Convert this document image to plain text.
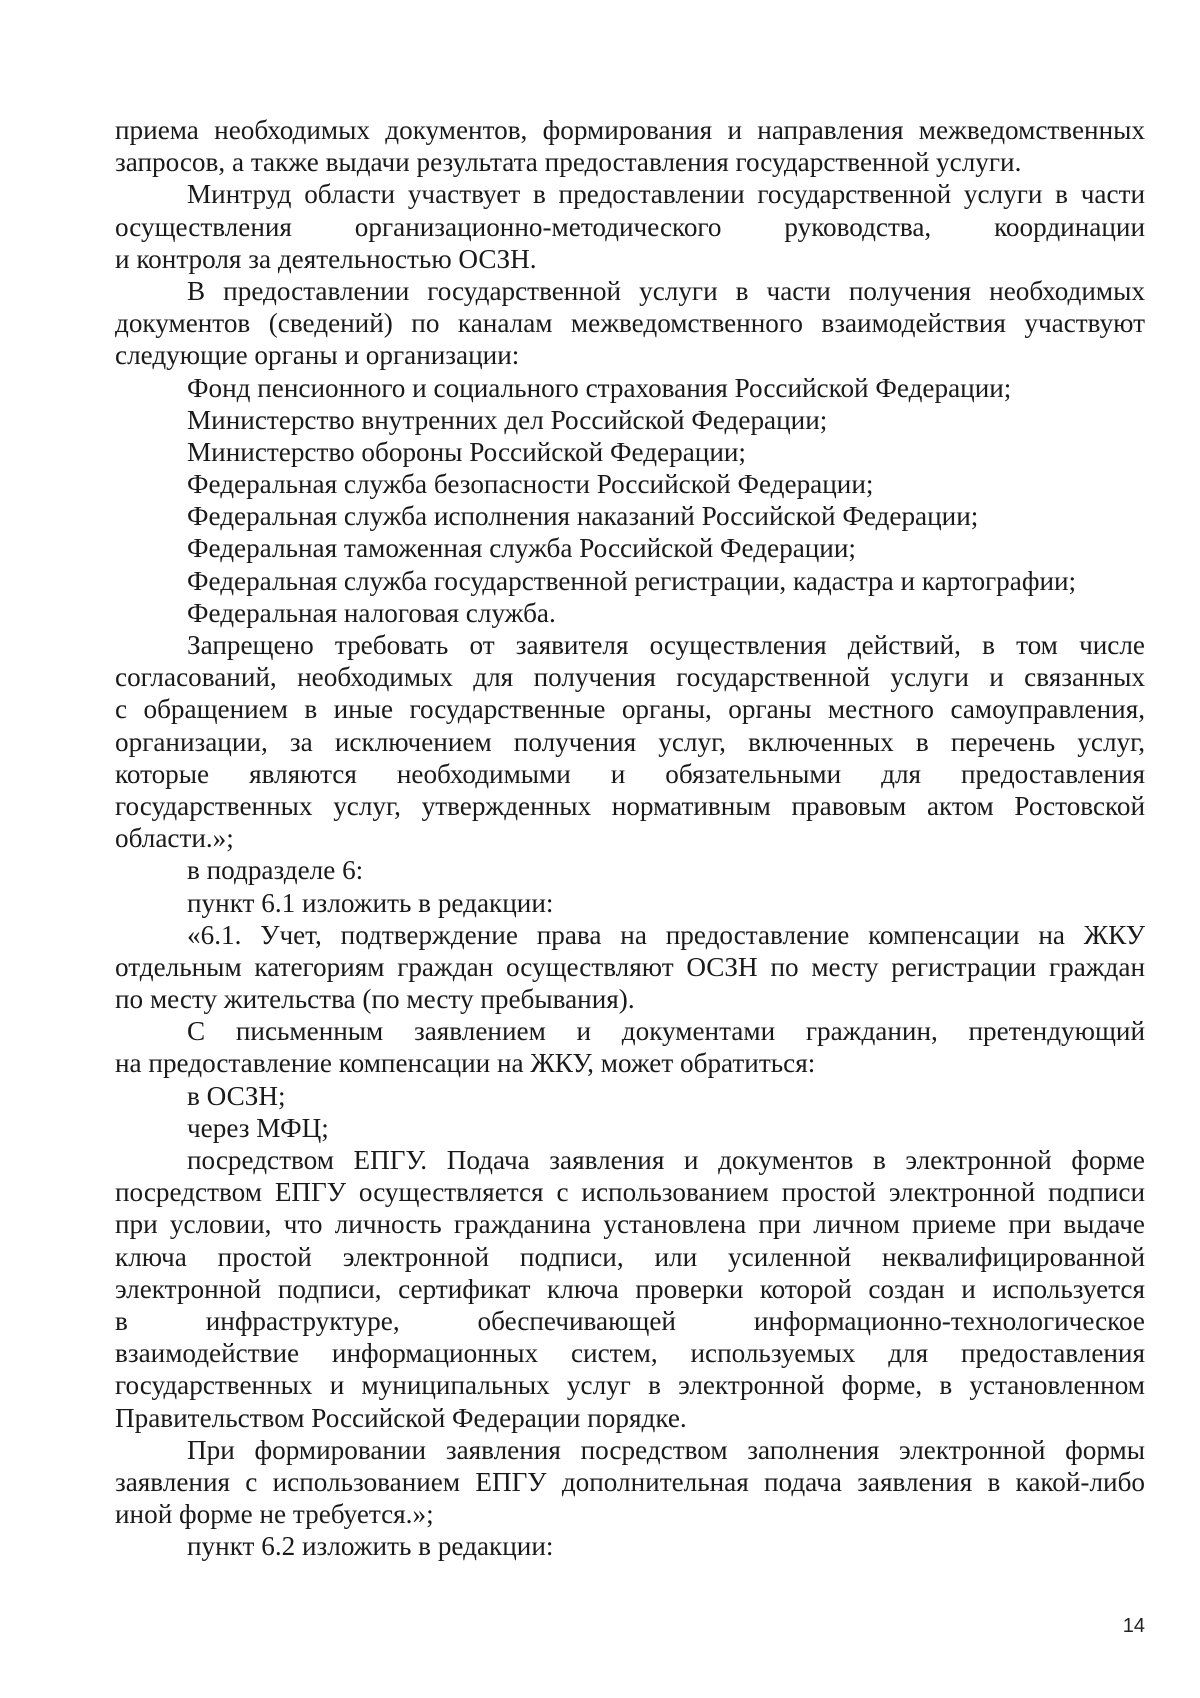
приема необходимых документов, формирования и направления межведомственных
запросов, а также выдачи результата предоставления государственной услуги.
Минтруд области участвует в предоставлении государственной услуги в части
осуществления организационно-методического руководства, координации
и контроля за деятельностью ОСЗН.
В предоставлении государственной услуги в части получения необходимых
документов (сведений) по каналам межведомственного взаимодействия участвуют
следующие органы и организации:
Фонд пенсионного и социального страхования Российской Федерации;
Министерство внутренних дел Российской Федерации;
Министерство обороны Российской Федерации;
Федеральная служба безопасности Российской Федерации;
Федеральная служба исполнения наказаний Российской Федерации;
Федеральная таможенная служба Российской Федерации;
Федеральная служба государственной регистрации, кадастра и картографии;
Федеральная налоговая служба.
Запрещено требовать от заявителя осуществления действий, в том числе
согласований, необходимых для получения государственной услуги и связанных
с обращением в иные государственные органы, органы местного самоуправления,
организации, за исключением получения услуг, включенных в перечень услуг,
которые являются необходимыми и обязательными для предоставления
государственных услуг, утвержденных нормативным правовым актом Ростовской
области.»;
в подразделе 6:
пункт 6.1 изложить в редакции:
«6.1. Учет, подтверждение права на предоставление компенсации на ЖКУ
отдельным категориям граждан осуществляют ОСЗН по месту регистрации граждан
по месту жительства (по месту пребывания).
С письменным заявлением и документами гражданин, претендующий
на предоставление компенсации на ЖКУ, может обратиться:
в ОСЗН;
через МФЦ;
посредством ЕПГУ. Подача заявления и документов в электронной форме
посредством ЕПГУ осуществляется с использованием простой электронной подписи
при условии, что личность гражданина установлена при личном приеме при выдаче
ключа простой электронной подписи, или усиленной неквалифицированной
электронной подписи, сертификат ключа проверки которой создан и используется
в инфраструктуре, обеспечивающей информационно-технологическое
взаимодействие информационных систем, используемых для предоставления
государственных и муниципальных услуг в электронной форме, в установленном
Правительством Российской Федерации порядке.
При формировании заявления посредством заполнения электронной формы
заявления с использованием ЕПГУ дополнительная подача заявления в какой-либо
иной форме не требуется.»;
пункт 6.2 изложить в редакции:
14
